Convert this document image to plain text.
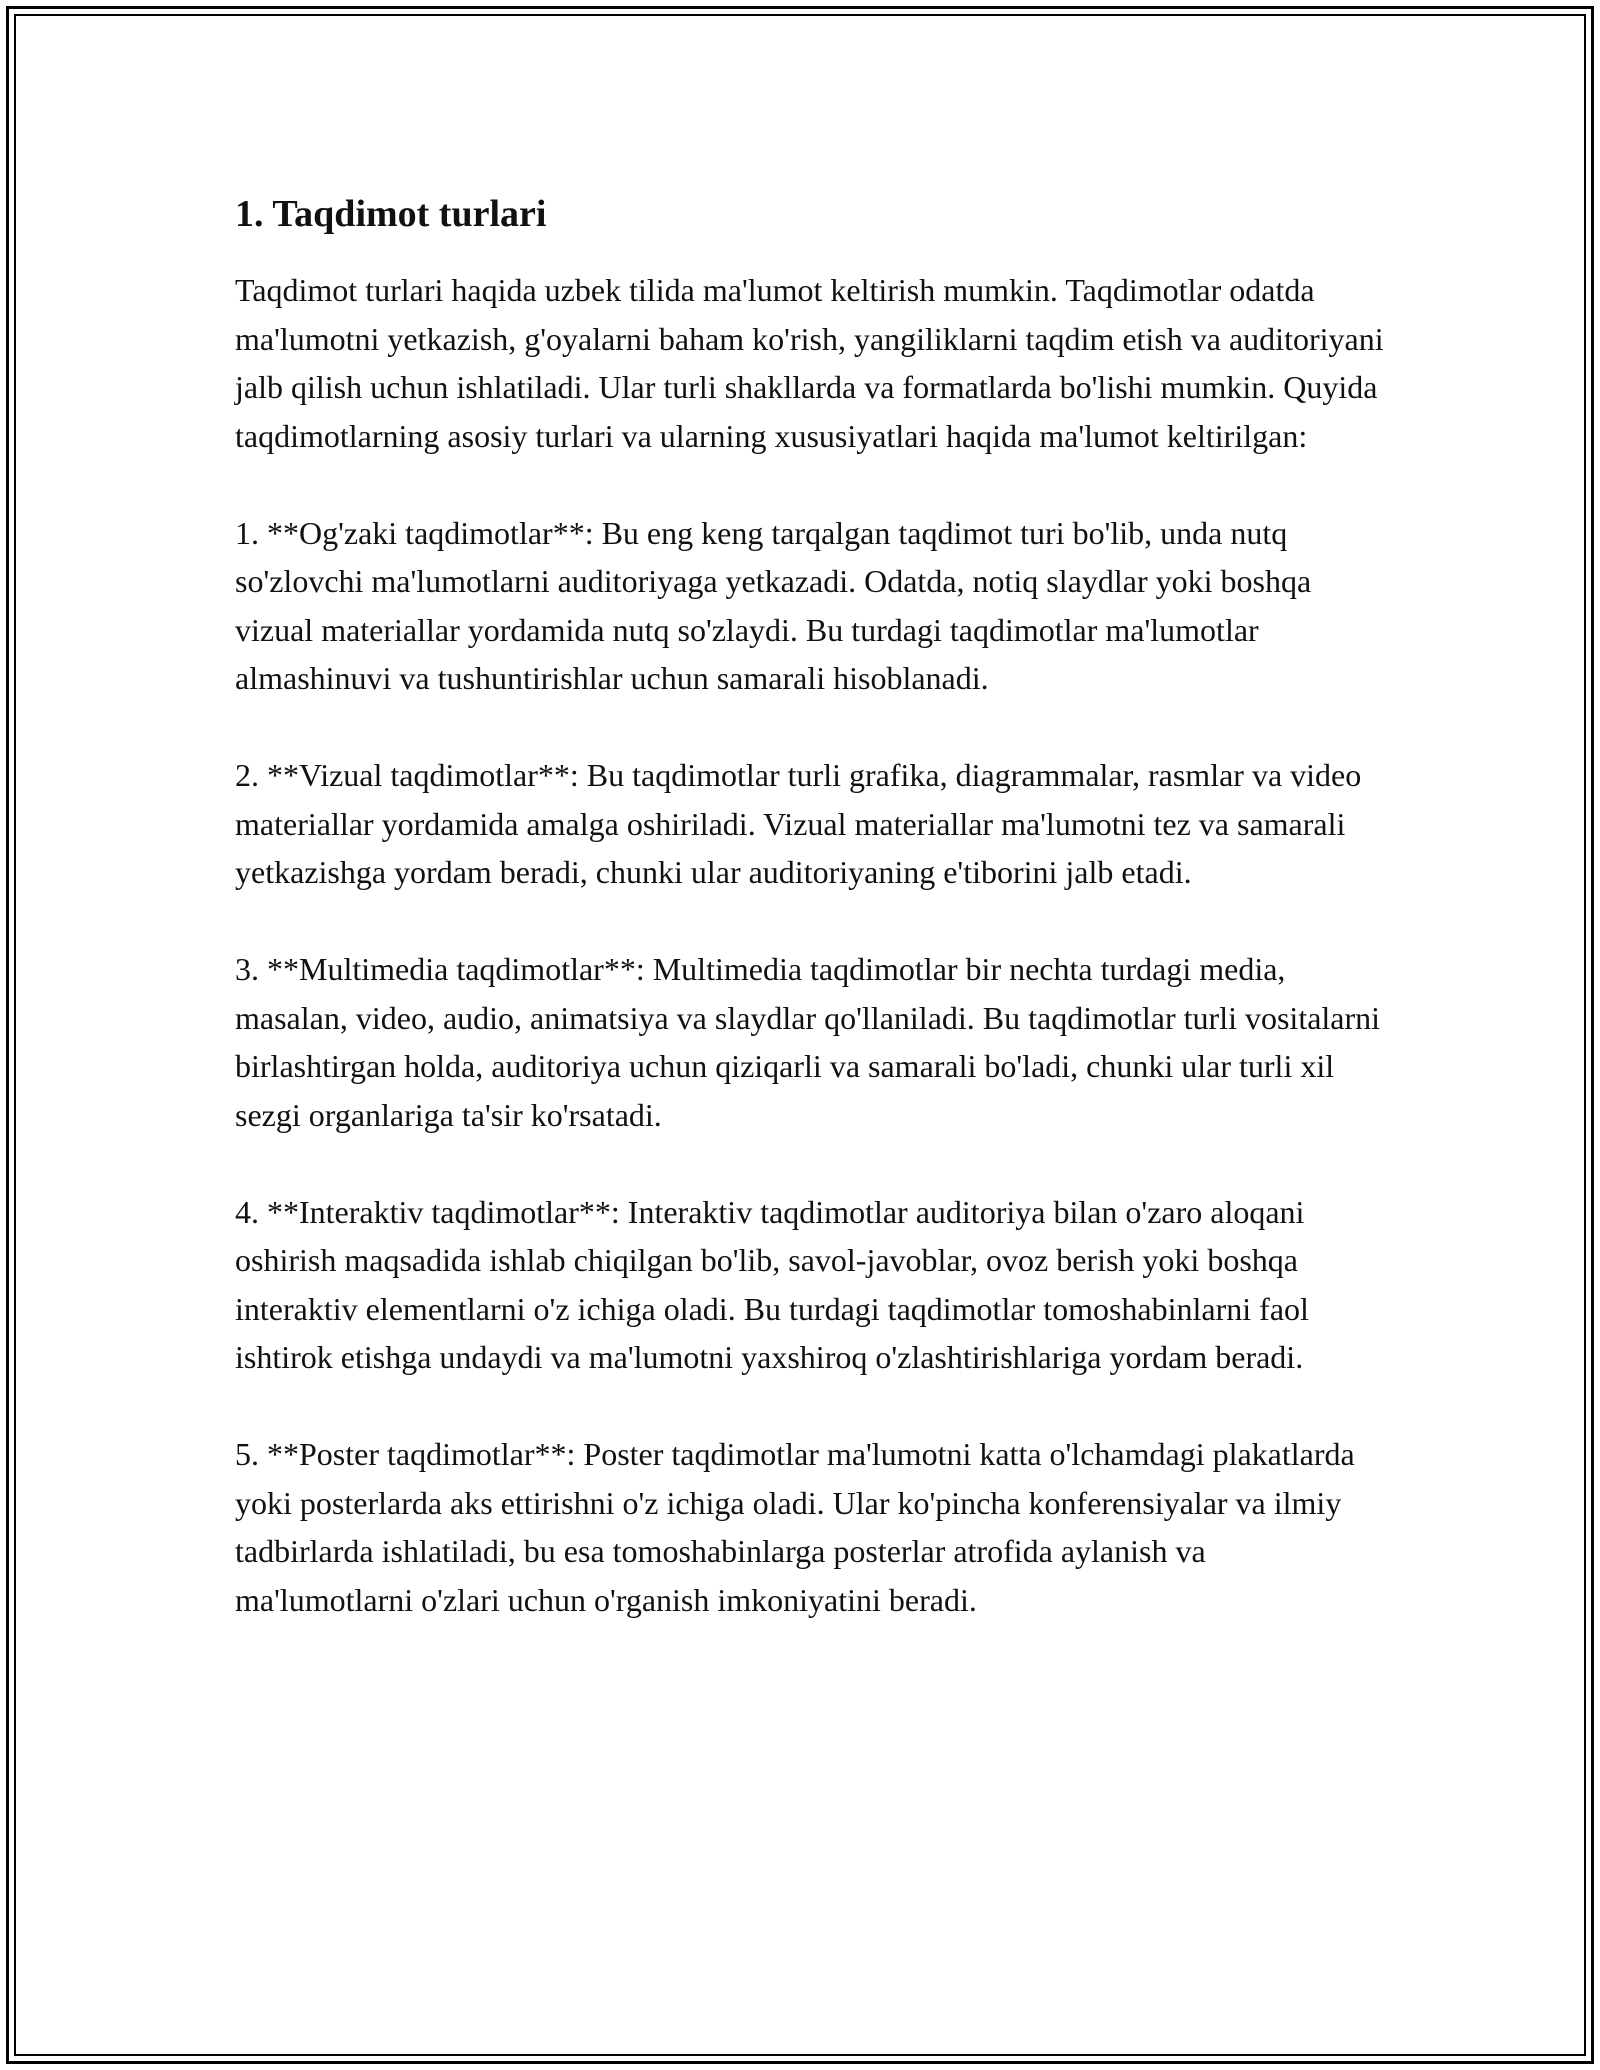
1. Taqdimot turlari

Taqdimot turlari haqida uzbek tilida ma'lumot keltirish mumkin. Taqdimotlar odatda ma'lumotni yetkazish, g'oyalarni baham ko'rish, yangiliklarni taqdim etish va auditoriyani jalb qilish uchun ishlatiladi. Ular turli shakllarda va formatlarda bo'lishi mumkin. Quyida taqdimotlarning asosiy turlari va ularning xususiyatlari haqida ma'lumot keltirilgan:

1. **Og'zaki taqdimotlar**: Bu eng keng tarqalgan taqdimot turi bo'lib, unda nutq so'zlovchi ma'lumotlarni auditoriyaga yetkazadi. Odatda, notiq slaydlar yoki boshqa vizual materiallar yordamida nutq so'zlaydi. Bu turdagi taqdimotlar ma'lumotlar almashinuvi va tushuntirishlar uchun samarali hisoblanadi.

2. **Vizual taqdimotlar**: Bu taqdimotlar turli grafika, diagrammalar, rasmlar va video materiallar yordamida amalga oshiriladi. Vizual materiallar ma'lumotni tez va samarali yetkazishga yordam beradi, chunki ular auditoriyaning e'tiborini jalb etadi.

3. **Multimedia taqdimotlar**: Multimedia taqdimotlar bir nechta turdagi media, masalan, video, audio, animatsiya va slaydlar qo'llaniladi. Bu taqdimotlar turli vositalarni birlashtirgan holda, auditoriya uchun qiziqarli va samarali bo'ladi, chunki ular turli xil sezgi organlariga ta'sir ko'rsatadi.

4. **Interaktiv taqdimotlar**: Interaktiv taqdimotlar auditoriya bilan o'zaro aloqani oshirish maqsadida ishlab chiqilgan bo'lib, savol-javoblar, ovoz berish yoki boshqa interaktiv elementlarni o'z ichiga oladi. Bu turdagi taqdimotlar tomoshabinlarni faol ishtirok etishga undaydi va ma'lumotni yaxshiroq o'zlashtirishlariga yordam beradi.

5. **Poster taqdimotlar**: Poster taqdimotlar ma'lumotni katta o'lchamdagi plakatlarda yoki posterlarda aks ettirishni o'z ichiga oladi. Ular ko'pincha konferensiyalar va ilmiy tadbirlarda ishlatiladi, bu esa tomoshabinlarga posterlar atrofida aylanish va ma'lumotlarni o'zlari uchun o'rganish imkoniyatini beradi.
